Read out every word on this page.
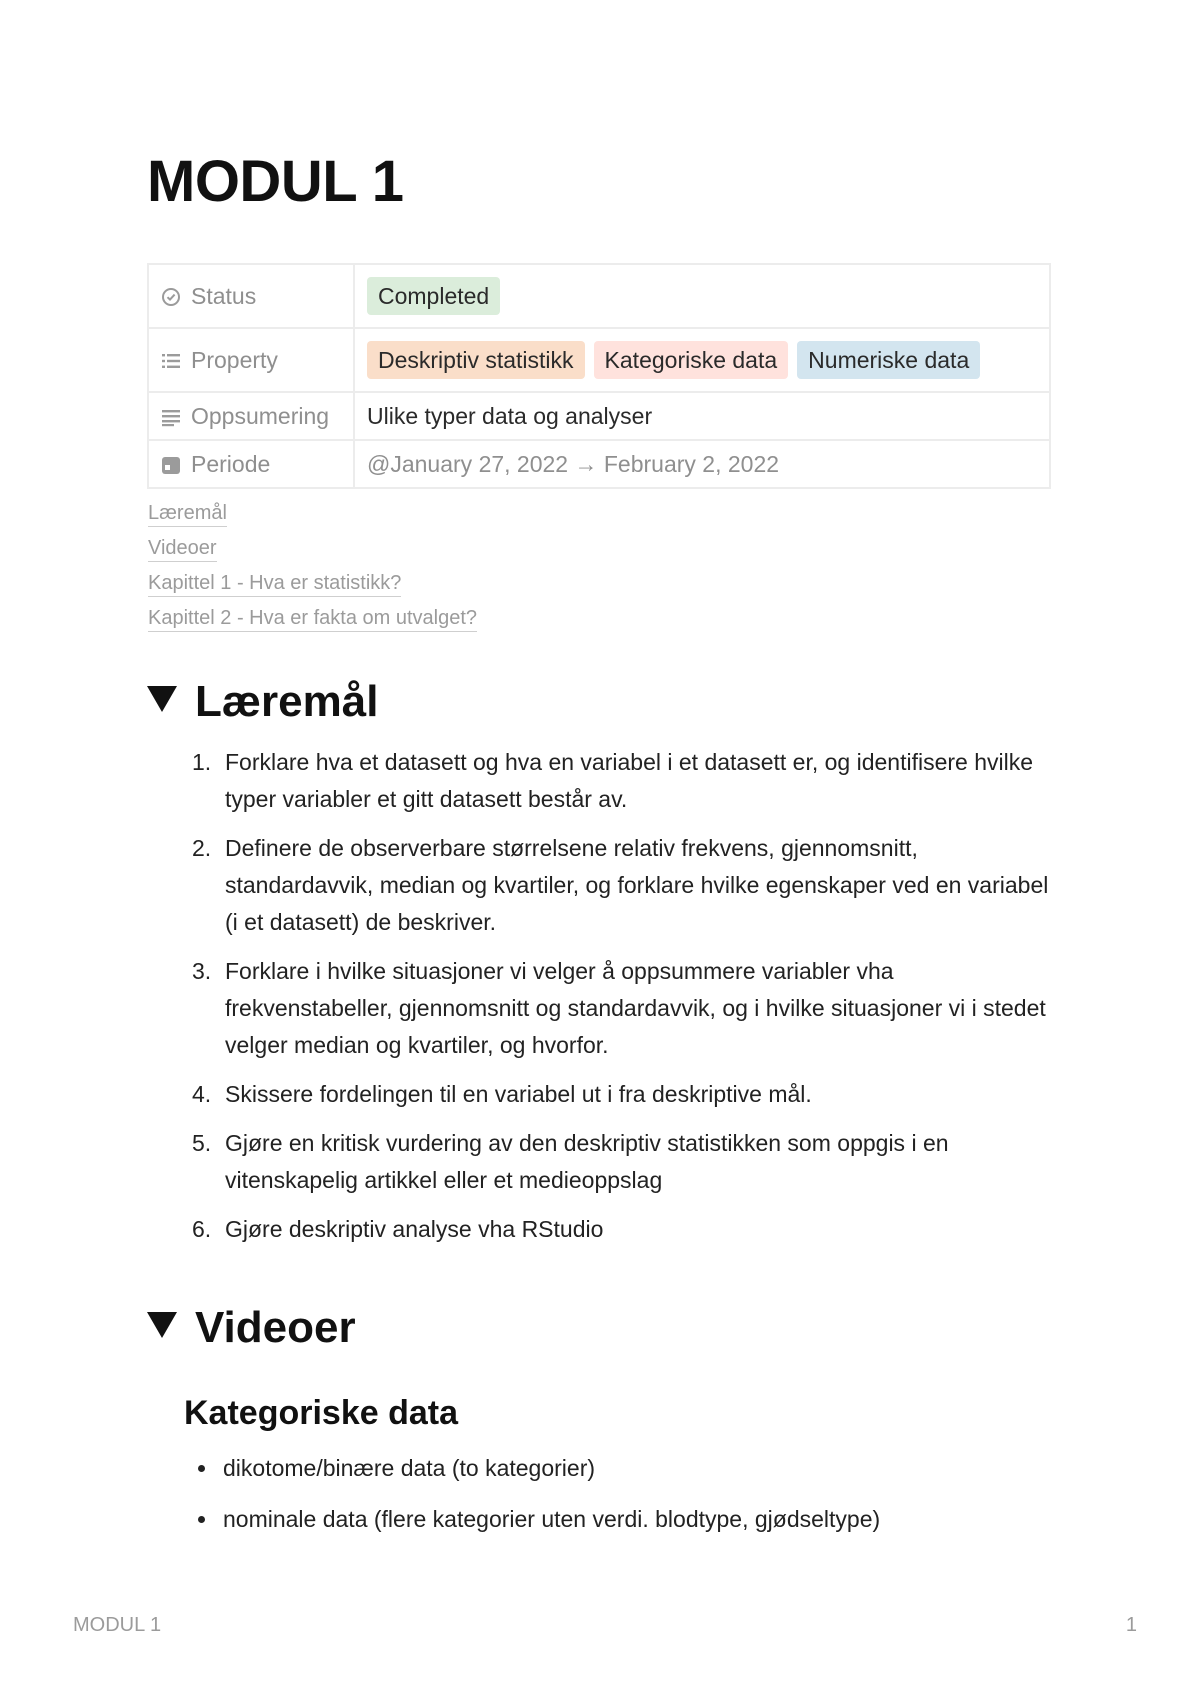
MODUL 1
Status	Completed

Property	Deskriptiv statistikk Kategoriske data Numeriske data

Oppsumering	Ulike typer data og analyser

Periode	@January 27, 2022 → February 2, 2022
Læremål
Videoer
Kapittel 1 - Hva er statistikk?
Kapittel 2 - Hva er fakta om utvalget?
Læremål
1. Forklare hva et datasett og hva en variabel i et datasett er, og identifisere hvilke typer variabler et gitt datasett består av.
2. Definere de observerbare størrelsene relativ frekvens, gjennomsnitt, standardavvik, median og kvartiler, og forklare hvilke egenskaper ved en variabel (i et datasett) de beskriver.
3. Forklare i hvilke situasjoner vi velger å oppsummere variabler vha frekvenstabeller, gjennomsnitt og standardavvik, og i hvilke situasjoner vi i stedet velger median og kvartiler, og hvorfor.
4. Skissere fordelingen til en variabel ut i fra deskriptive mål.
5. Gjøre en kritisk vurdering av den deskriptiv statistikken som oppgis i en vitenskapelig artikkel eller et medieoppslag
6. Gjøre deskriptiv analyse vha RStudio
Videoer
Kategoriske data
dikotome/binære data (to kategorier)
nominale data (flere kategorier uten verdi. blodtype, gjødseltype)
MODUL 1	1
